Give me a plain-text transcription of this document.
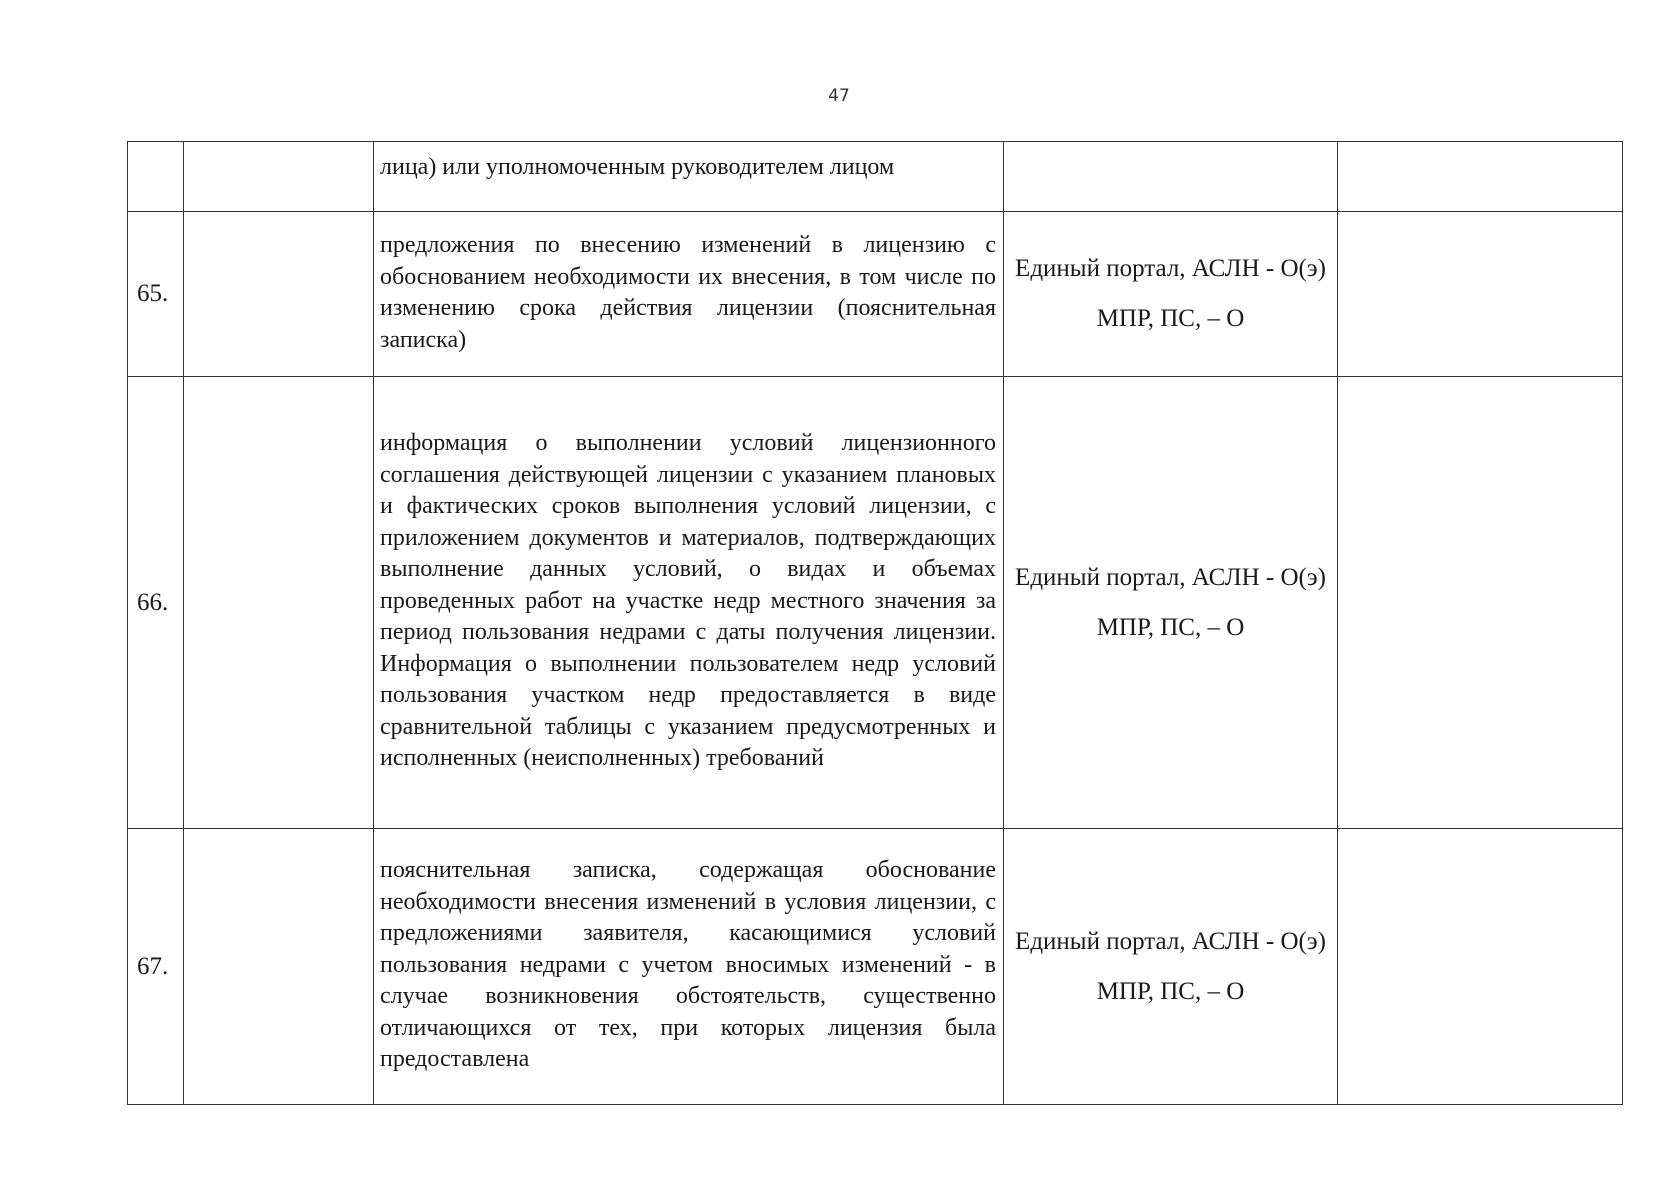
47
		лица) или уполномоченным руководителем лицом		
65.		предложения по внесению изменений в лицензию с обоснованием необходимости их внесения, в том числе по изменению срока действия лицензии (пояснительная записка)	Единый портал, АСЛН - О(э)
МПР, ПС, – О	

66.		информация о выполнении условий лицензионного соглашения действующей лицензии с указанием плановых и фактических сроков выполнения условий лицензии, с приложением документов и материалов, подтверждающих выполнение данных условий, о видах и объемах проведенных работ на участке недр местного значения за период пользования недрами с даты получения лицензии. Информация о выполнении пользователем недр условий пользования участком недр предоставляется в виде сравнительной таблицы с указанием предусмотренных и исполненных (неисполненных) требований	Единый портал, АСЛН - О(э)
МПР, ПС, – О	

67.		пояснительная записка, содержащая обоснование необходимости внесения изменений в условия лицензии, с предложениями заявителя, касающимися условий пользования недрами с учетом вносимых изменений - в случае возникновения обстоятельств, существенно отличающихся от тех, при которых лицензия была предоставлена	Единый портал, АСЛН - О(э)
МПР, ПС, – О	
